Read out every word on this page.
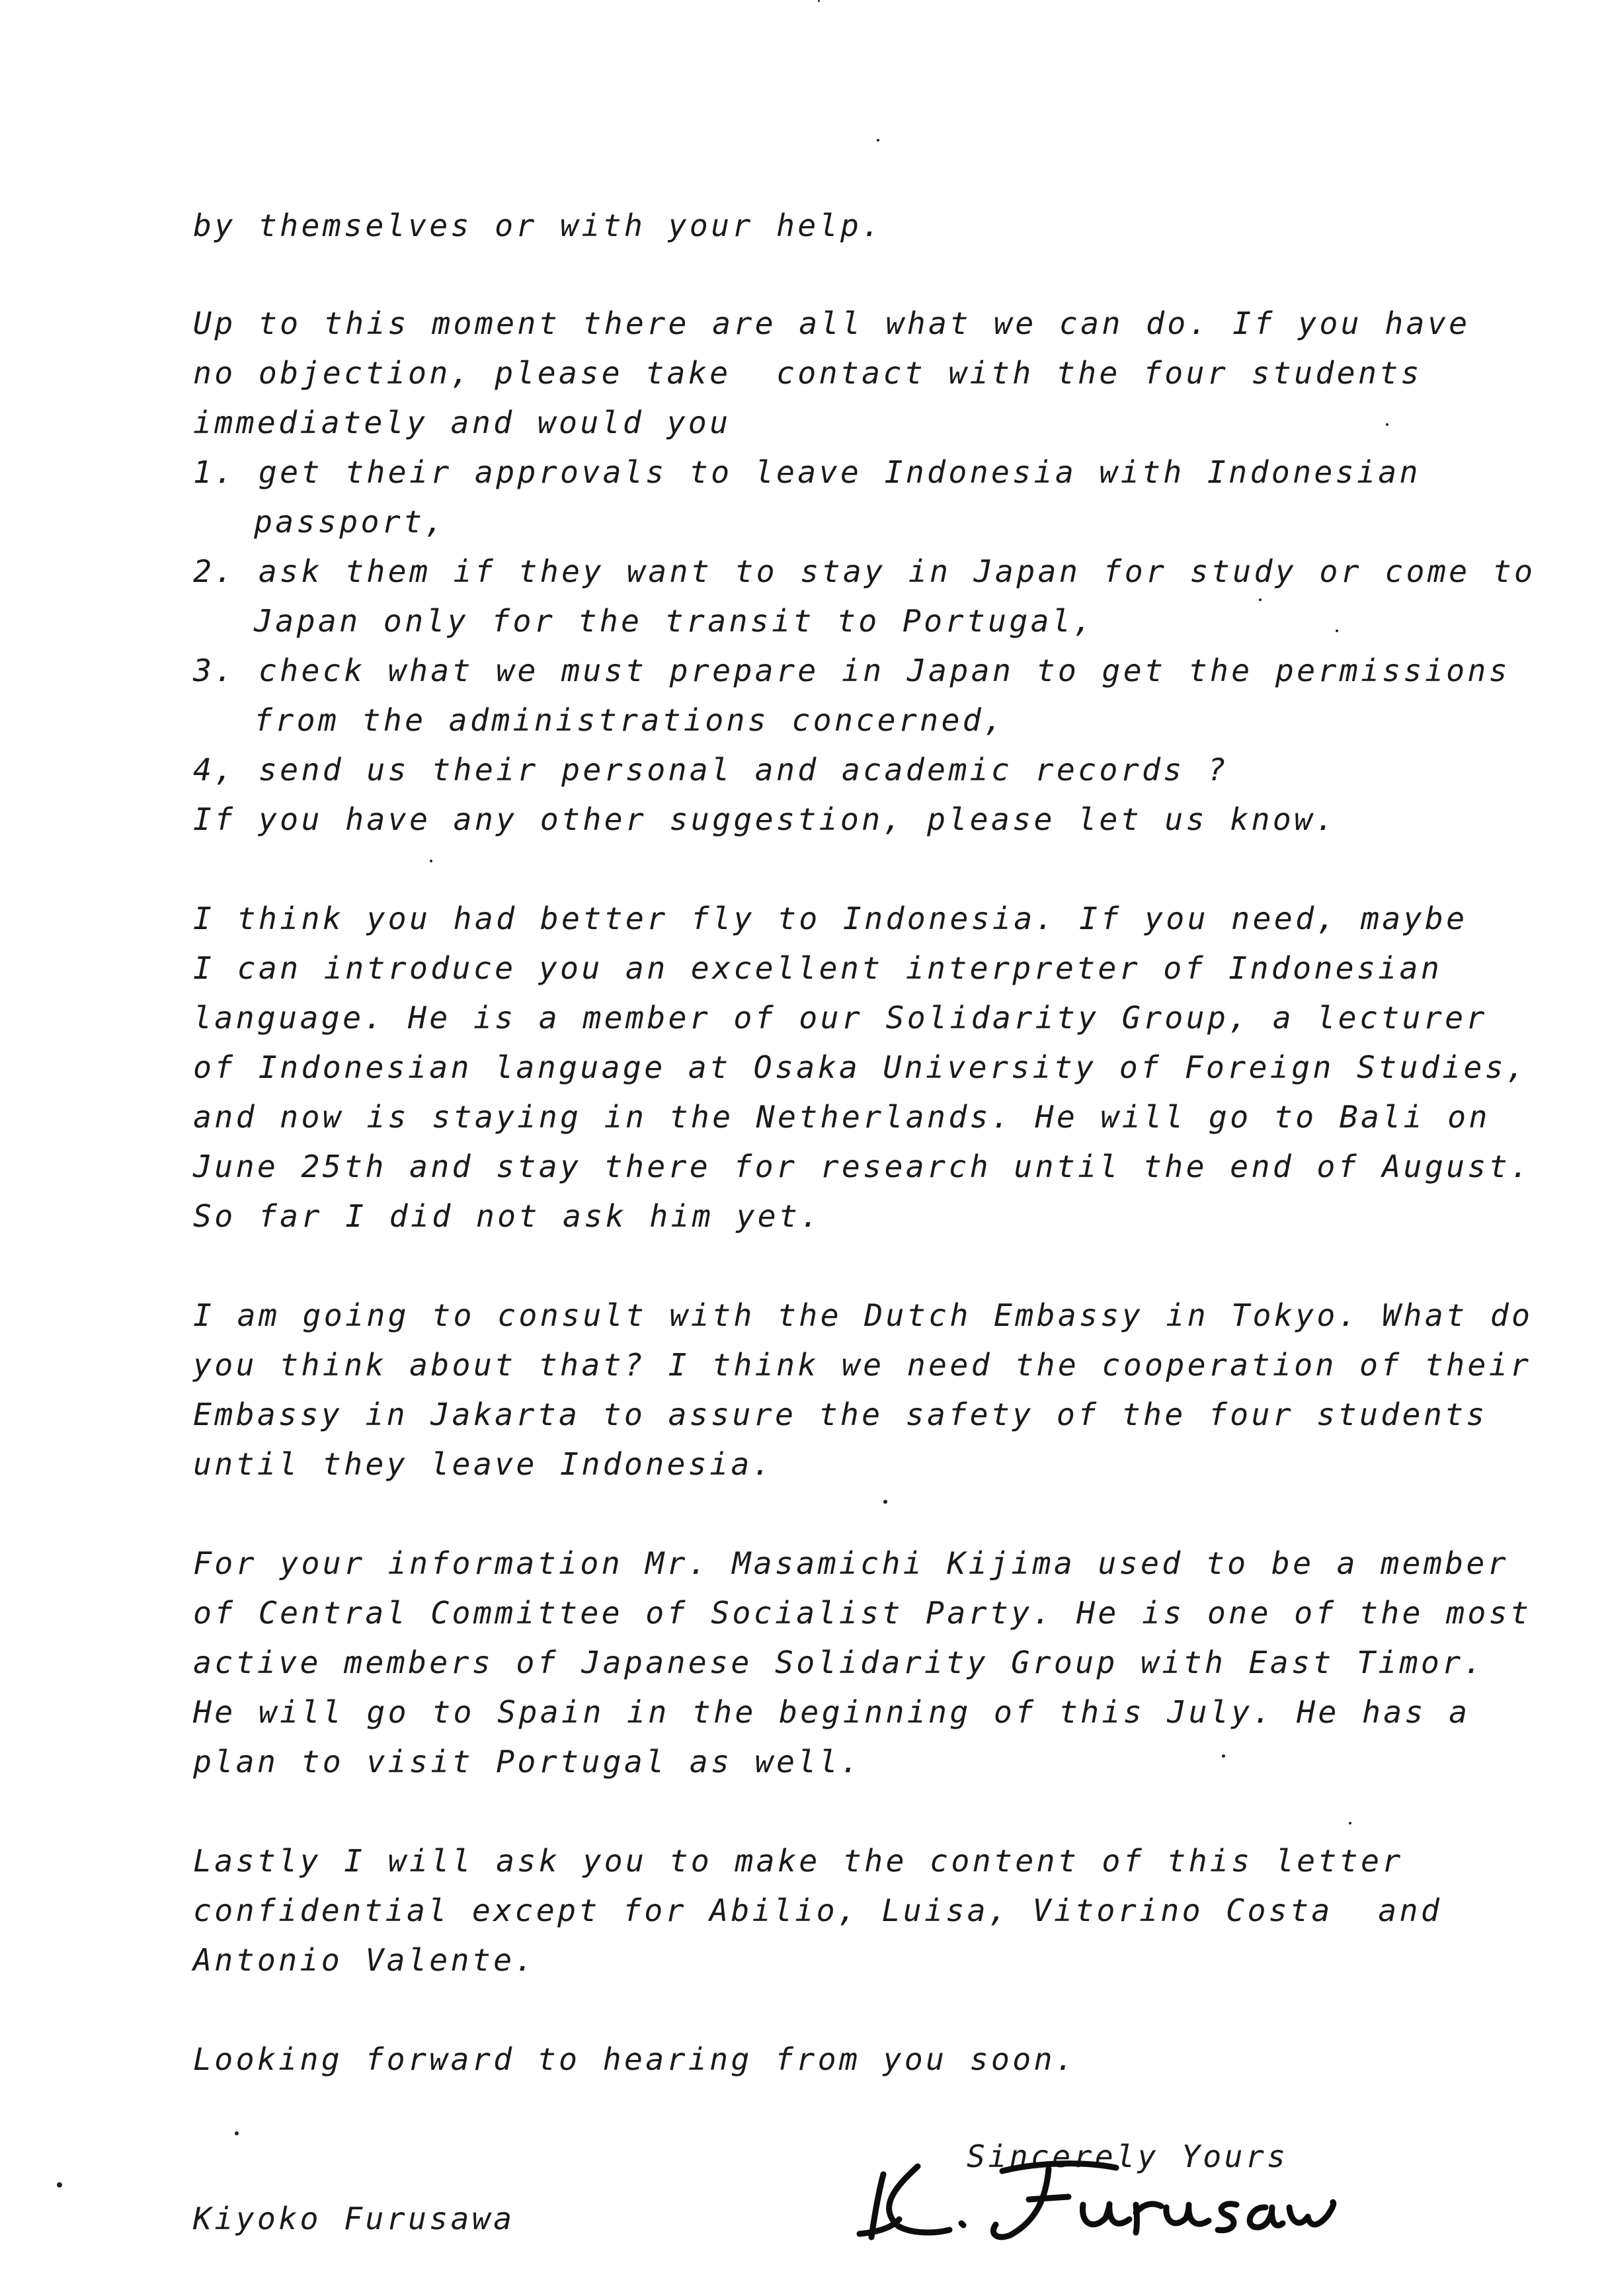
by themselves or with your help.
Up to this moment there are all what we can do. If you have
no objection, please take  contact with the four students
immediately and would you
1. get their approvals to leave Indonesia with Indonesian
passport,
2. ask them if they want to stay in Japan for study or come to
Japan only for the transit to Portugal,
3. check what we must prepare in Japan to get the permissions
from the administrations concerned,
4, send us their personal and academic records ?
If you have any other suggestion, please let us know.
I think you had better fly to Indonesia. If you need, maybe
I can introduce you an excellent interpreter of Indonesian
language. He is a member of our Solidarity Group, a lecturer
of Indonesian language at Osaka University of Foreign Studies,
and now is staying in the Netherlands. He will go to Bali on
June 25th and stay there for research until the end of August.
So far I did not ask him yet.
I am going to consult with the Dutch Embassy in Tokyo. What do
you think about that? I think we need the cooperation of their
Embassy in Jakarta to assure the safety of the four students
until they leave Indonesia.
For your information Mr. Masamichi Kijima used to be a member
of Central Committee of Socialist Party. He is one of the most
active members of Japanese Solidarity Group with East Timor.
He will go to Spain in the beginning of this July. He has a
plan to visit Portugal as well.
Lastly I will ask you to make the content of this letter
confidential except for Abilio, Luisa, Vitorino Costa  and
Antonio Valente.
Looking forward to hearing from you soon.
Sincerely Yours
Kiyoko Furusawa
